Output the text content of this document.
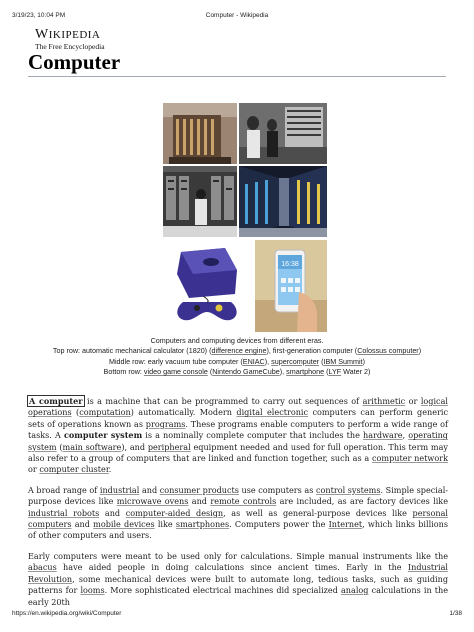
3/19/23, 10:04 PM	Computer - Wikipedia
WIKIPEDIA
The Free Encyclopedia
Computer
16:38
Computers and computing devices from different eras.
Top row: automatic mechanical calculator (1820) (difference engine), first-generation computer (Colossus computer)
Middle row: early vacuum tube computer (ENIAC), supercomputer (IBM Summit)
Bottom row: video game console (Nintendo GameCube), smartphone (LYF Water 2)

A computer is a machine that can be programmed to carry out sequences of arithmetic or logical operations (computation) automatically. Modern digital electronic computers can perform generic sets of operations known as programs. These programs enable computers to perform a wide range of tasks. A computer system is a nominally complete computer that includes the hardware, operating system (main software), and peripheral equipment needed and used for full operation. This term may also refer to a group of computers that are linked and function together, such as a computer network or computer cluster.

A broad range of industrial and consumer products use computers as control systems. Simple special-purpose devices like microwave ovens and remote controls are included, as are factory devices like industrial robots and computer-aided design, as well as general-purpose devices like personal computers and mobile devices like smartphones. Computers power the Internet, which links billions of other computers and users.

Early computers were meant to be used only for calculations. Simple manual instruments like the abacus have aided people in doing calculations since ancient times. Early in the Industrial Revolution, some mechanical devices were built to automate long, tedious tasks, such as guiding patterns for looms. More sophisticated electrical machines did specialized analog calculations in the early 20th

https://en.wikipedia.org/wiki/Computer	1/38
